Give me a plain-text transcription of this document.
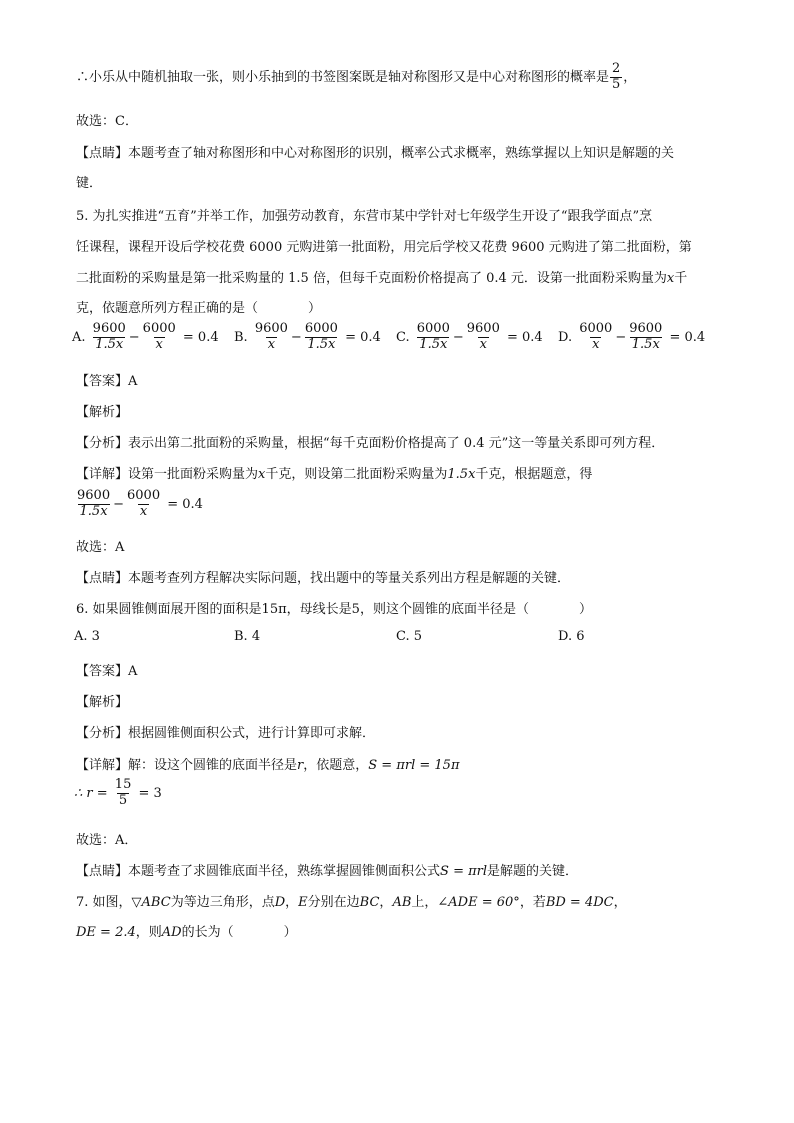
∴小乐从中随机抽取一张，则小乐抽到的书签图案既是轴对称图形又是中心对称图形的概率是 $\frac{2}{5}$ ，
故选：C．
【点睛】本题考查了轴对称图形和中心对称图形的识别，概率公式求概率，熟练掌握以上知识是解题的关
键．
5. 为扎实推进“五育”并举工作，加强劳动教育，东营市某中学针对七年级学生开设了“跟我学面点”烹
饪课程，课程开设后学校花费 6000 元购进第一批面粉，用完后学校又花费 9600 元购进了第二批面粉，第
二批面粉的采购量是第一批采购量的 1.5 倍，但每千克面粉价格提高了 0.4 元．设第一批面粉采购量为x千
克，依题意所列方程正确的是（	）
A. $\frac{9600}{1.5x} - \frac{6000}{x} = 0.4$ B. $\frac{9600}{x} - \frac{6000}{1.5x} = 0.4$ C. $\frac{6000}{1.5x} - \frac{9600}{x} = 0.4$ D. $\frac{6000}{x} - \frac{9600}{1.5x} = 0.4$
【答案】A
【解析】
【分析】表示出第二批面粉的采购量，根据“每千克面粉价格提高了 0.4 元”这一等量关系即可列方程．
【详解】设第一批面粉采购量为x千克，则设第二批面粉采购量为1.5x千克，根据题意，得
$\frac{9600}{1.5x} - \frac{6000}{x} = 0.4$
故选：A
【点睛】本题考查列方程解决实际问题，找出题中的等量关系列出方程是解题的关键．
6. 如果圆锥侧面展开图的面积是15π，母线长是5，则这个圆锥的底面半径是（	）
A. 3	B. 4	C. 5	D. 6
【答案】A
【解析】
【分析】根据圆锥侧面积公式，进行计算即可求解．
【详解】解：设这个圆锥的底面半径是r，依题意，S = πrl = 15π
∴ $r = \frac{15}{5} = 3$
故选：A．
【点睛】本题考查了求圆锥底面半径，熟练掌握圆锥侧面积公式S = πrl是解题的关键．
7. 如图，▽ABC为等边三角形，点D，E分别在边BC，AB上，∠ADE = 60°，若BD = 4DC，
DE = 2.4，则AD的长为（	）
